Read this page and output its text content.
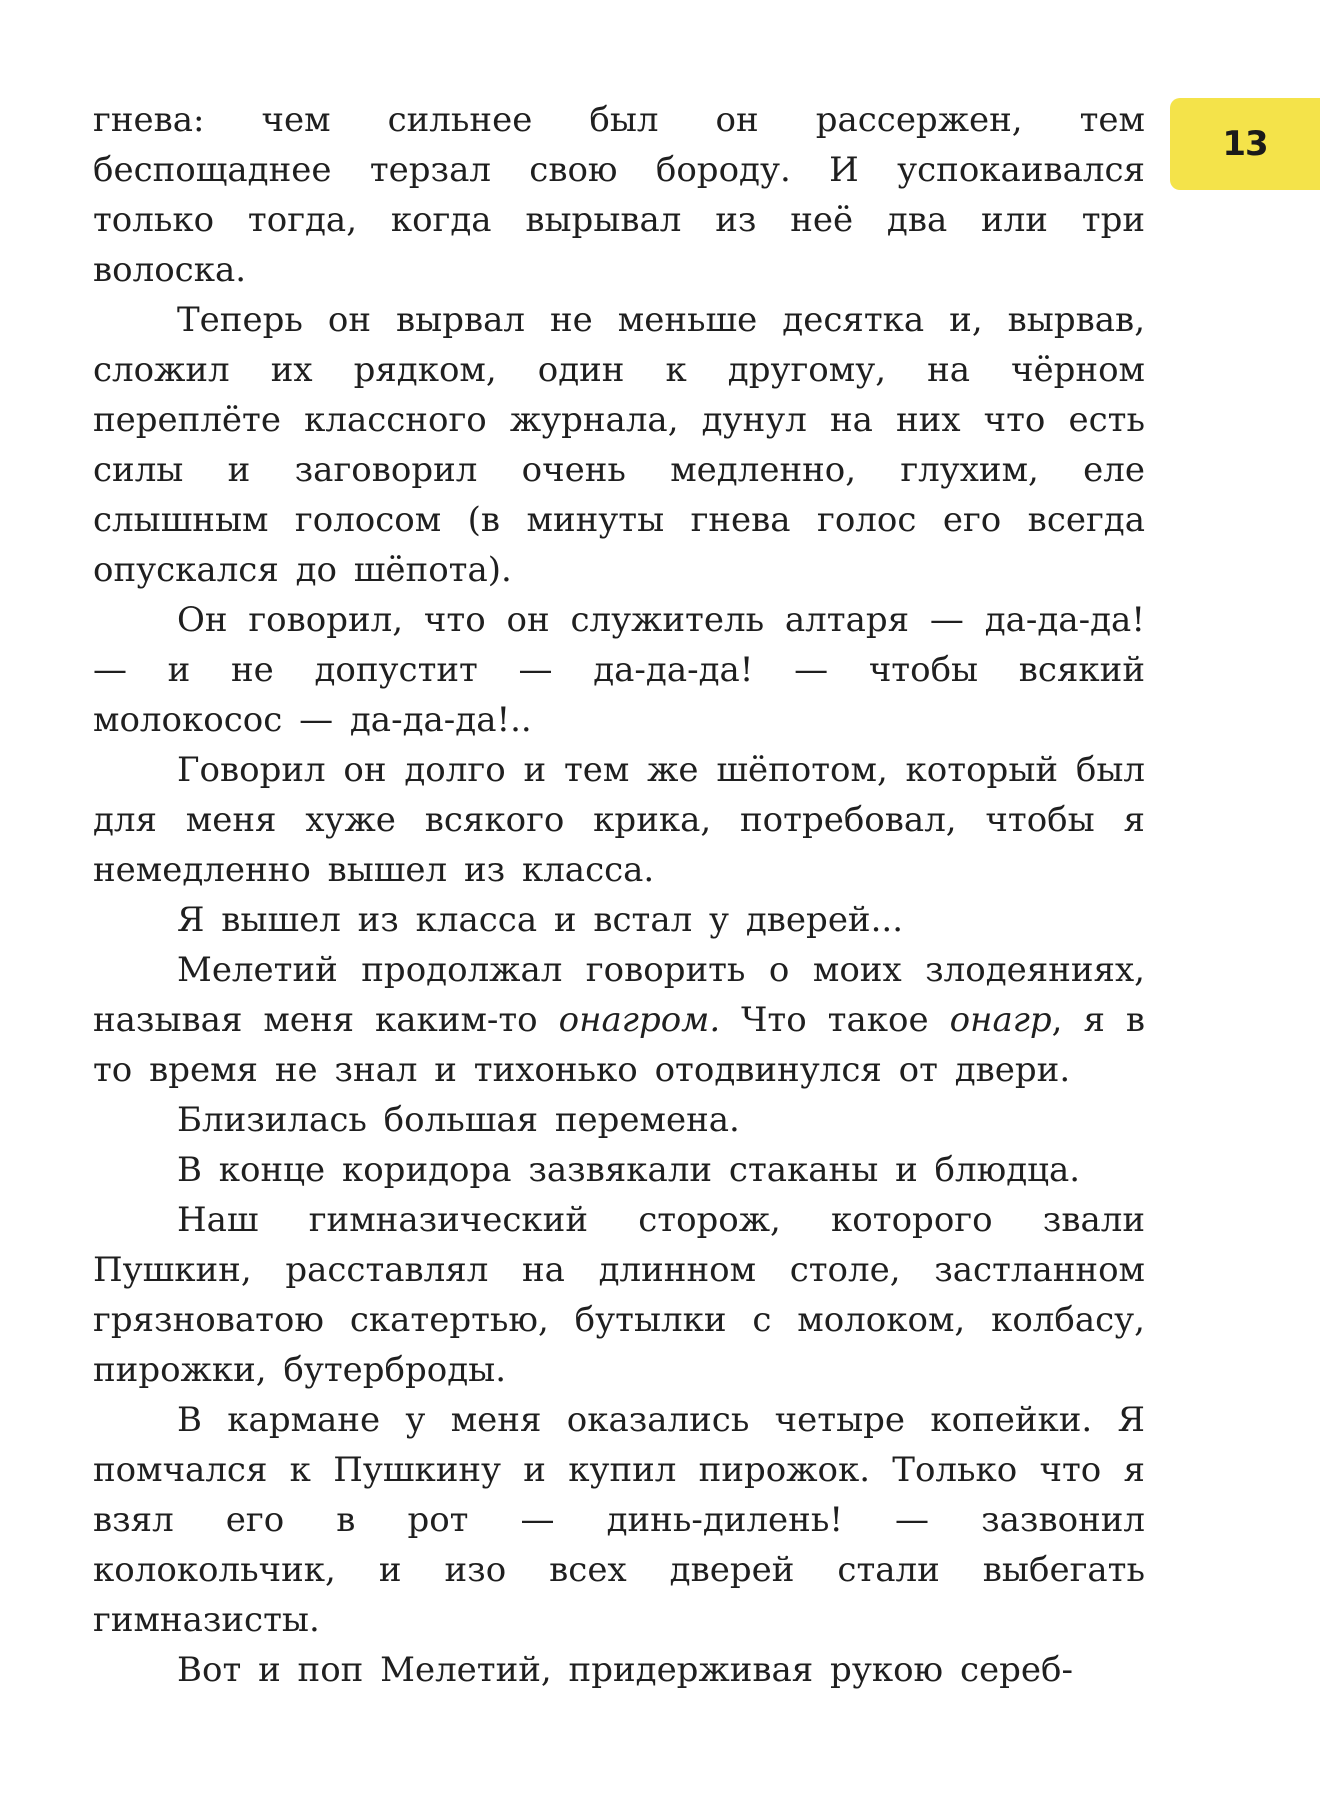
13

гнева: чем сильнее был он рассержен, тем беспощаднее терзал свою бороду. И успокаивался только тогда, когда вырывал из неё два или три волоска.

Теперь он вырвал не меньше десятка и, вырвав, сложил их рядком, один к другому, на чёрном переплёте классного журнала, дунул на них что есть силы и заговорил очень медленно, глухим, еле слышным голосом (в минуты гнева голос его всегда опускался до шёпота).

Он говорил, что он служитель алтаря — да-да-да! — и не допустит — да-да-да! — чтобы всякий молокосос — да-да-да!..

Говорил он долго и тем же шёпотом, который был для меня хуже всякого крика, потребовал, чтобы я немедленно вышел из класса.

Я вышел из класса и встал у дверей...

Мелетий продолжал говорить о моих злодеяниях, называя меня каким-то онагром. Что такое онагр, я в то время не знал и тихонько отодвинулся от двери.

Близилась большая перемена.

В конце коридора зазвякали стаканы и блюдца.

Наш гимназический сторож, которого звали Пушкин, расставлял на длинном столе, застланном грязноватою скатертью, бутылки с молоком, колбасу, пирожки, бутерброды.

В кармане у меня оказались четыре копейки. Я помчался к Пушкину и купил пирожок. Только что я взял его в рот — динь-дилень! — зазвонил колокольчик, и изо всех дверей стали выбегать гимназисты.

Вот и поп Мелетий, придерживая рукою сереб-
